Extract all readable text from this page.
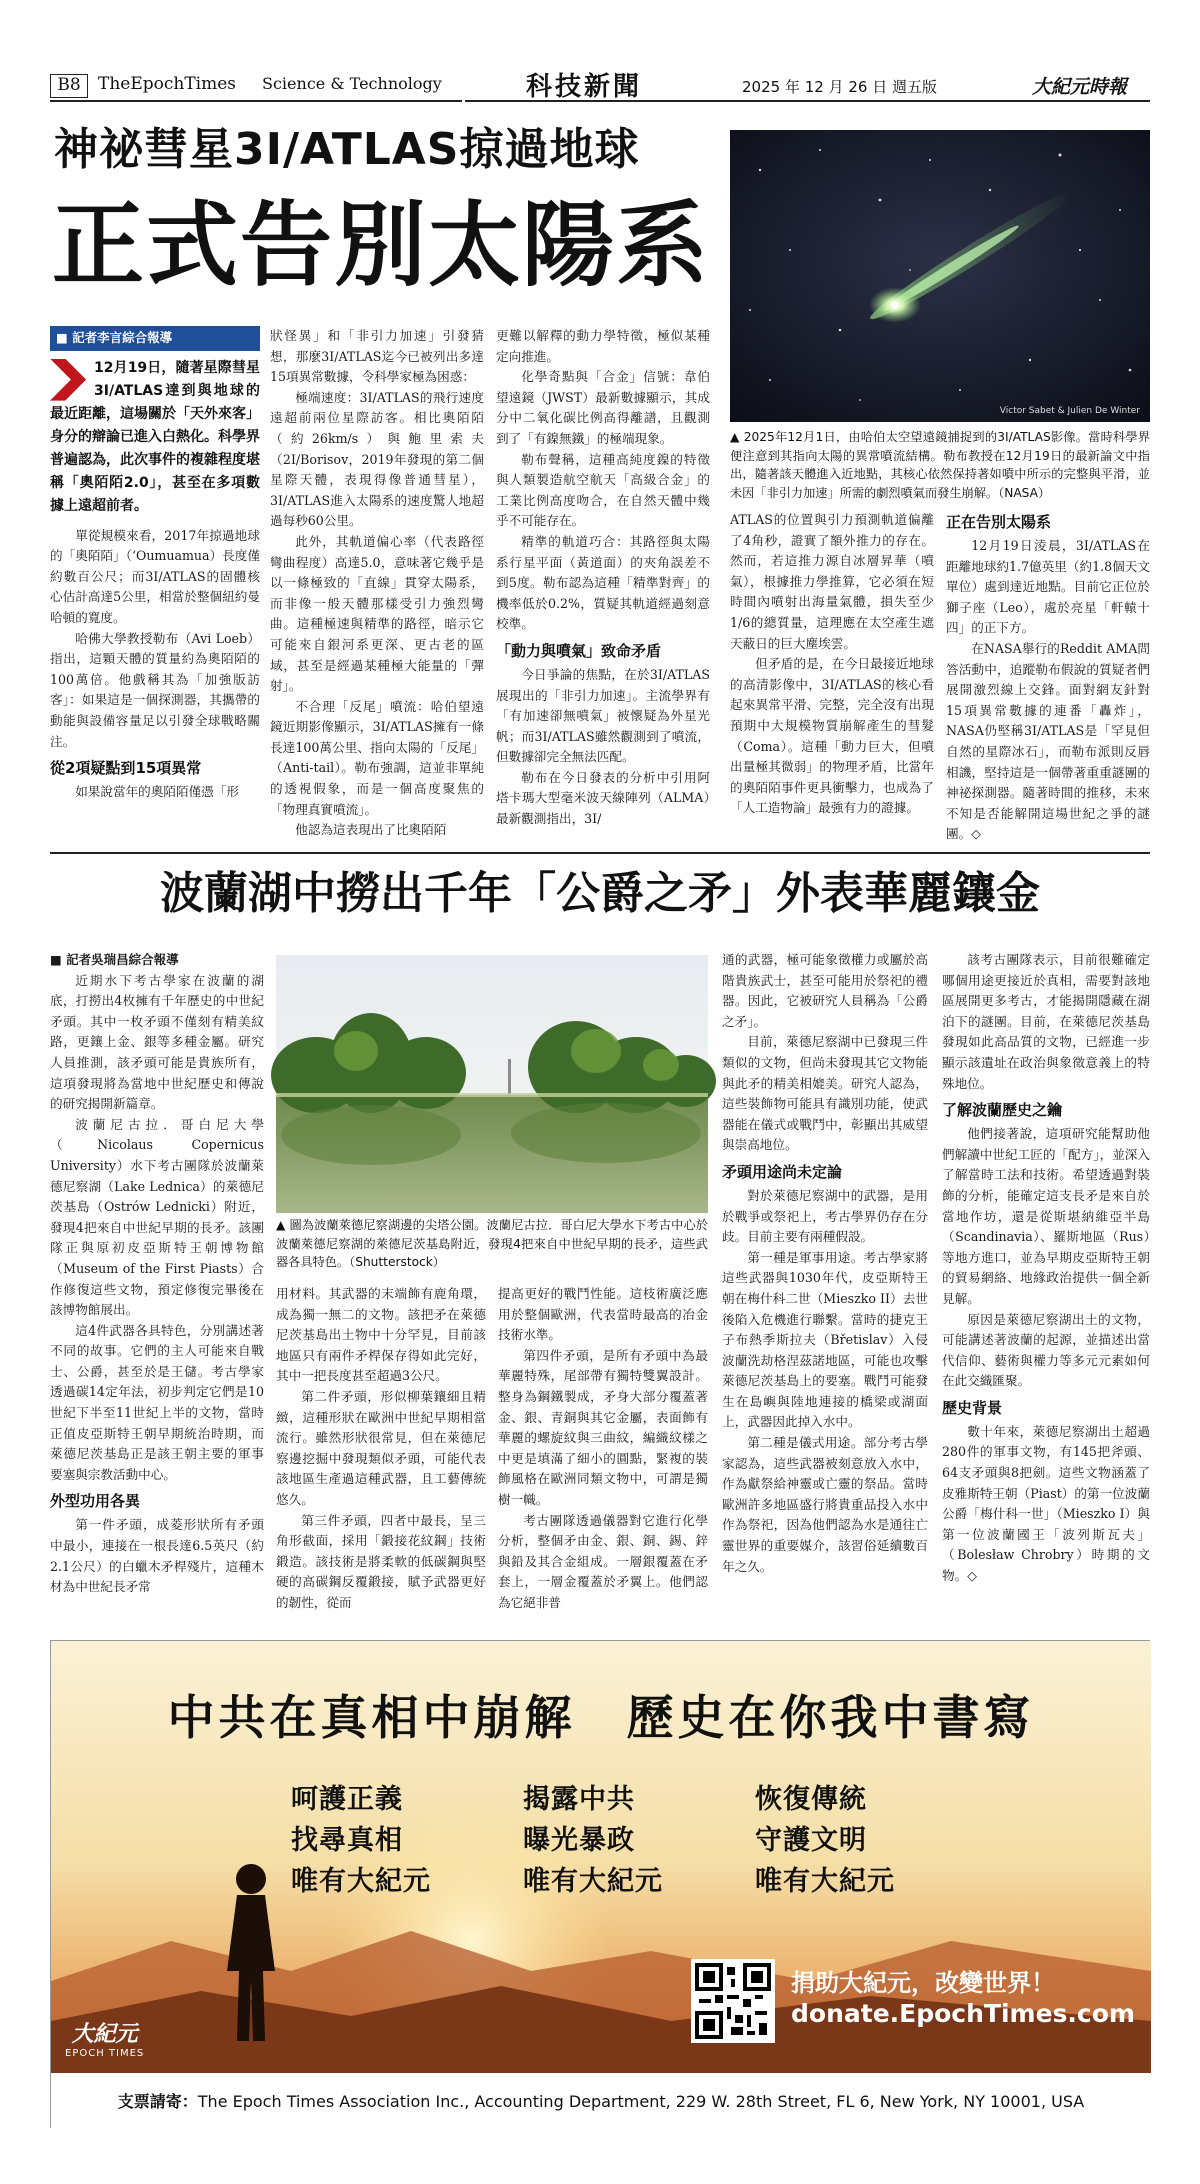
B8	TheEpochTimes Science & Technology	科技新聞	2025 年 12 月 26 日 週五版	大紀元時報
神祕彗星3I/ATLAS掠過地球
正式告別太陽系
Victor Sabet & Julien De Winter
▲ 2025年12月1日，由哈伯太空望遠鏡捕捉到的3I/ATLAS影像。當時科學界便注意到其指向太陽的異常噴流結構。勒布教授在12月19日的最新論文中指出，隨著該天體進入近地點，其核心依然保持著如噴中所示的完整與平滑，並未因「非引力加速」所需的劇烈噴氣而發生崩解。（NASA）
■ 記者李言綜合報導
12月19日，隨著星際彗星3I/ATLAS達到與地球的最近距離，這場關於「天外來客」身分的辯論已進入白熱化。科學界普遍認為，此次事件的複雜程度堪稱「奧陌陌2.0」，甚至在多項數據上遠超前者。

單從規模來看，2017年掠過地球的「奧陌陌」（ʻOumuamua）長度僅約數百公尺；而3I/ATLAS的固體核心估計高達5公里，相當於整個紐約曼哈頓的寬度。

哈佛大學教授勒布（Avi Loeb）指出，這顆天體的質量約為奧陌陌的100萬倍。他戲稱其為「加強版訪客」：如果這是一個探測器，其攜帶的動能與設備容量足以引發全球戰略關注。

從2項疑點到15項異常

如果說當年的奧陌陌僅憑「形

狀怪異」和「非引力加速」引發猜想，那麼3I/ATLAS迄今已被列出多達15項異常數據，令科學家極為困惑：

極端速度：3I/ATLAS的飛行速度遠超前兩位星際訪客。相比奧陌陌（約26km/s）與鮑里索夫（2I/Borisov，2019年發現的第二個星際天體，表現得像普通彗星），3I/ATLAS進入太陽系的速度驚人地超過每秒60公里。

此外，其軌道偏心率（代表路徑彎曲程度）高達5.0，意味著它幾乎是以一條極致的「直線」貫穿太陽系，而非像一般天體那樣受引力強烈彎曲。這種極速與精準的路徑，暗示它可能來自銀河系更深、更古老的區域，甚至是經過某種極大能量的「彈射」。

不合理「反尾」噴流：哈伯望遠鏡近期影像顯示，3I/ATLAS擁有一條長達100萬公里、指向太陽的「反尾」（Anti-tail）。勒布強調，這並非單純的透視假象，而是一個高度聚焦的「物理真實噴流」。

他認為這表現出了比奧陌陌

更難以解釋的動力學特徵，極似某種定向推進。

化學奇點與「合金」信號：韋伯望遠鏡（JWST）最新數據顯示，其成分中二氧化碳比例高得離譜，且觀測到了「有鎳無鐵」的極端現象。

勒布聲稱，這種高純度鎳的特徵與人類製造航空航天「高級合金」的工業比例高度吻合，在自然天體中幾乎不可能存在。

精準的軌道巧合：其路徑與太陽系行星平面（黃道面）的夾角誤差不到5度。勒布認為這種「精準對齊」的機率低於0.2%，質疑其軌道經過刻意校準。

「動力與噴氣」致命矛盾

今日爭論的焦點，在於3I/ATLAS展現出的「非引力加速」。主流學界有「有加速卻無噴氣」被懷疑為外星光帆；而3I/ATLAS雖然觀測到了噴流，但數據卻完全無法匹配。

勒布在今日發表的分析中引用阿塔卡瑪大型毫米波天線陣列（ALMA）最新觀測指出，3I/

ATLAS的位置與引力預測軌道偏離了4角秒，證實了額外推力的存在。然而，若這推力源自冰層昇華（噴氣），根據推力學推算，它必須在短時間內噴射出海量氣體，損失至少1/6的總質量，這理應在太空產生遮天蔽日的巨大塵埃雲。

但矛盾的是，在今日最接近地球的高清影像中，3I/ATLAS的核心看起來異常平滑、完整，完全沒有出現預期中大規模物質崩解產生的彗髮（Coma）。這種「動力巨大，但噴出量極其微弱」的物理矛盾，比當年的奧陌陌事件更具衝擊力，也成為了「人工造物論」最強有力的證據。

正在告別太陽系

12月19日淩晨，3I/ATLAS在距離地球約1.7億英里（約1.8個天文單位）處到達近地點。目前它正位於獅子座（Leo），處於亮星「軒轅十四」的正下方。

在NASA舉行的Reddit AMA問答活動中，追蹤勒布假說的質疑者們展開激烈線上交鋒。面對網友針對15項異常數據的連番「轟炸」，NASA仍堅稱3I/ATLAS是「罕見但自然的星際冰石」，而勒布派則反唇相譏，堅持這是一個帶著重重謎團的神祕探測器。隨著時間的推移，未來不知是否能解開這場世紀之爭的謎團。◇

波蘭湖中撈出千年「公爵之矛」外表華麗鑲金
■ 記者吳瑞昌綜合報導

近期水下考古學家在波蘭的湖底，打撈出4枚擁有千年歷史的中世紀矛頭。其中一枚矛頭不僅刻有精美紋路，更鑲上金、銀等多種金屬。研究人員推測，該矛頭可能是貴族所有，這項發現將為當地中世紀歷史和傳說的研究揭開新篇章。

波蘭尼古拉．哥白尼大學（Nicolaus Copernicus University）水下考古團隊於波蘭萊德尼察湖（Lake Lednica）的萊德尼茨基島（Ostrów Lednicki）附近，發現4把來自中世紀早期的長矛。該團隊正與原初皮亞斯特王朝博物館（Museum of the First Piasts）合作修復這些文物，預定修復完畢後在該博物館展出。

這4件武器各具特色，分別講述著不同的故事。它們的主人可能來自戰士、公爵，甚至於是王儲。考古學家透過碳14定年法，初步判定它們是10世紀下半至11世紀上半的文物，當時正值皮亞斯特王朝早期統治時期，而萊德尼茨基島正是該王朝主要的軍事要塞與宗教活動中心。

外型功用各異

第一件矛頭，成菱形狀所有矛頭中最小，連接在一根長達6.5英尺（約2.1公尺）的白蠟木矛桿殘片，這種木材為中世紀長矛常

▲ 圖為波蘭萊德尼察湖邊的尖塔公園。波蘭尼古拉．哥白尼大學水下考古中心於波蘭萊德尼察湖的萊德尼茨基島附近，發現4把來自中世紀早期的長矛，這些武器各具特色。（Shutterstock）

用材料。其武器的末端飾有鹿角環，成為獨一無二的文物。該把矛在萊德尼茨基島出土物中十分罕見，目前該地區只有兩件矛桿保存得如此完好，其中一把長度甚至超過3公尺。

第二件矛頭，形似柳葉鑲細且精緻，這種形狀在歐洲中世紀早期相當流行。雖然形狀很常見，但在萊德尼察邊挖掘中發現類似矛頭，可能代表該地區生產過這種武器，且工藝傳統悠久。

第三件矛頭，四者中最長，呈三角形截面，採用「鍛接花紋鋼」技術鍛造。該技術是將柔軟的低碳鋼與堅硬的高碳鋼反覆鍛接，賦予武器更好的韌性，從而

提高更好的戰鬥性能。這枝術廣泛應用於整個歐洲，代表當時最高的冶金技術水準。

第四件矛頭，是所有矛頭中為最華麗特殊，尾部帶有獨特雙翼設計。整身為鋼鐵製成，矛身大部分覆蓋著金、銀、青銅與其它金屬，表面飾有華麗的螺旋紋與三曲紋，編織紋樣之中更是填滿了細小的圓點，緊複的裝飾風格在歐洲同類文物中，可謂是獨樹一幟。

考古團隊透過儀器對它進行化學分析，整個矛由金、銀、銅、錫、鋅與鉛及其合金組成。一層銀覆蓋在矛套上，一層金覆蓋於矛翼上。他們認為它絕非普

通的武器，極可能象徵權力或屬於高階貴族武士，甚至可能用於祭祀的禮器。因此，它被研究人員稱為「公爵之矛」。

目前，萊德尼察湖中已發現三件類似的文物，但尚未發現其它文物能與此矛的精美相媲美。研究人認為，這些裝飾物可能具有識別功能，使武器能在儀式或戰鬥中，彰顯出其威望與崇高地位。

矛頭用途尚未定論

對於萊德尼察湖中的武器，是用於戰爭或祭祀上，考古學界仍存在分歧。目前主要有兩種假設。

第一種是軍事用途。考古學家將這些武器與1030年代，皮亞斯特王朝在梅什科二世（Mieszko II）去世後陷入危機進行聯繫。當時的捷克王子布熱季斯拉夫（Břetislav）入侵波蘭洗劫格涅茲諾地區，可能也攻擊萊德尼茨基島上的要塞。戰鬥可能發生在島嶼與陸地連接的橋梁或湖面上，武器因此掉入水中。

第二種是儀式用途。部分考古學家認為，這些武器被刻意放入水中，作為獻祭給神靈或亡靈的祭品。當時歐洲許多地區盛行將貴重品投入水中作為祭祀，因為他們認為水是通往亡靈世界的重要媒介，該習俗延續數百年之久。

該考古團隊表示，目前很難確定哪個用途更接近於真相，需要對該地區展開更多考古，才能揭開隱藏在湖泊下的謎團。目前，在萊德尼茨基島發現如此高品質的文物，已經進一步顯示該遺址在政治與象徵意義上的特殊地位。

了解波蘭歷史之鑰

他們接著說，這項研究能幫助他們解讀中世紀工匠的「配方」，並深入了解當時工法和技術。希望透過對裝飾的分析，能確定這支長矛是來自於當地作坊，還是從斯堪納維亞半島（Scandinavia）、羅斯地區（Rus）等地方進口，並為早期皮亞斯特王朝的貿易網絡、地緣政治提供一個全新見解。

原因是萊德尼察湖出土的文物，可能講述著波蘭的起源，並描述出當代信仰、藝術與權力等多元元素如何在此交織匯聚。

歷史背景

數十年來，萊德尼察湖出土超過280件的軍事文物，有145把斧頭、64支矛頭與8把劍。這些文物涵蓋了皮雅斯特王朝（Piast）的第一位波蘭公爵「梅什科一世」（Mieszko I）與第一位波蘭國王「波列斯瓦夫」（Bolesław Chrobry）時期的文物。◇

中共在真相中崩解　歷史在你我中書寫
呵護正義
找尋真相
唯有大紀元
揭露中共
曝光暴政
唯有大紀元
恢復傳統
守護文明
唯有大紀元
捐助大紀元，改變世界！
donate.EpochTimes.com
大紀元
EPOCH TIMES
支票請寄：The Epoch Times Association Inc., Accounting Department, 229 W. 28th Street, FL 6, New York, NY 10001, USA
